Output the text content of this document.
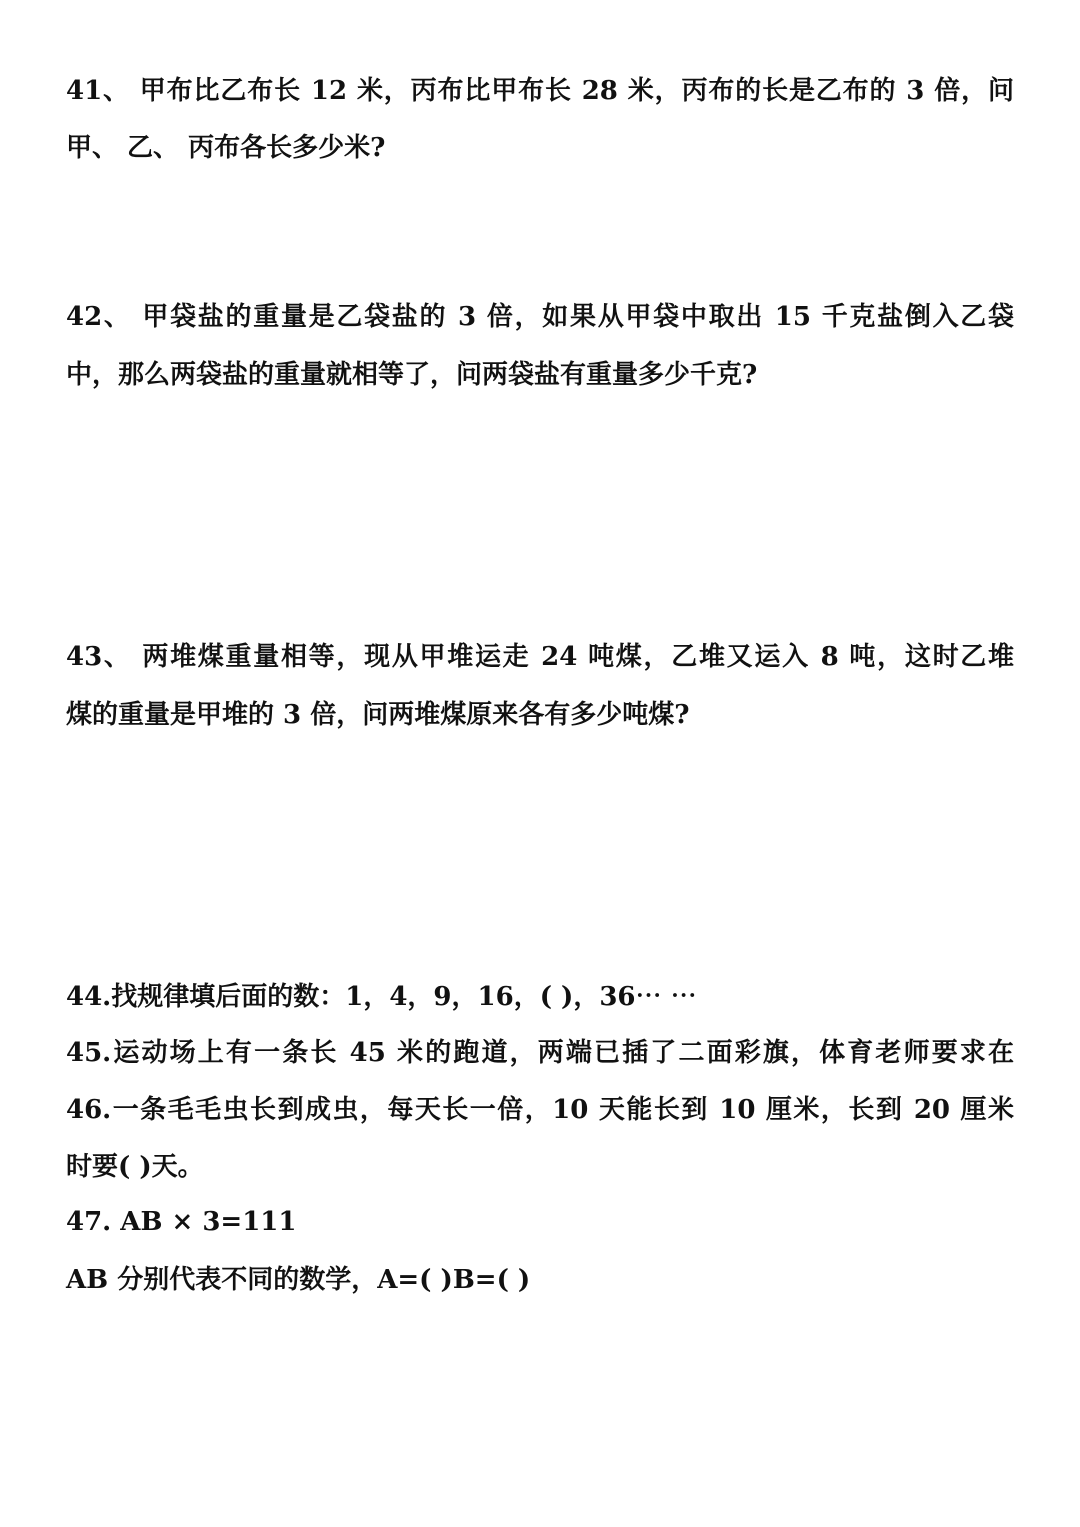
41、 甲布比乙布长 12 米，丙布比甲布长 28 米，丙布的长是乙布的 3 倍，问
甲、 乙、 丙布各长多少米?
42、 甲袋盐的重量是乙袋盐的 3 倍，如果从甲袋中取出 15 千克盐倒入乙袋
中，那么两袋盐的重量就相等了，问两袋盐有重量多少千克?
43、 两堆煤重量相等，现从甲堆运走 24 吨煤，乙堆又运入 8 吨，这时乙堆
煤的重量是甲堆的 3 倍，问两堆煤原来各有多少吨煤?
44.找规律填后面的数：1，4，9，16，( )，36⋯ ⋯
45.运动场上有一条长 45 米的跑道，两端已插了二面彩旗，体育老师要求在
46.一条毛毛虫长到成虫，每天长一倍，10 天能长到 10 厘米，长到 20 厘米
时要( )天。
47. AB × 3=111
AB 分别代表不同的数学，A=( )B=( )
